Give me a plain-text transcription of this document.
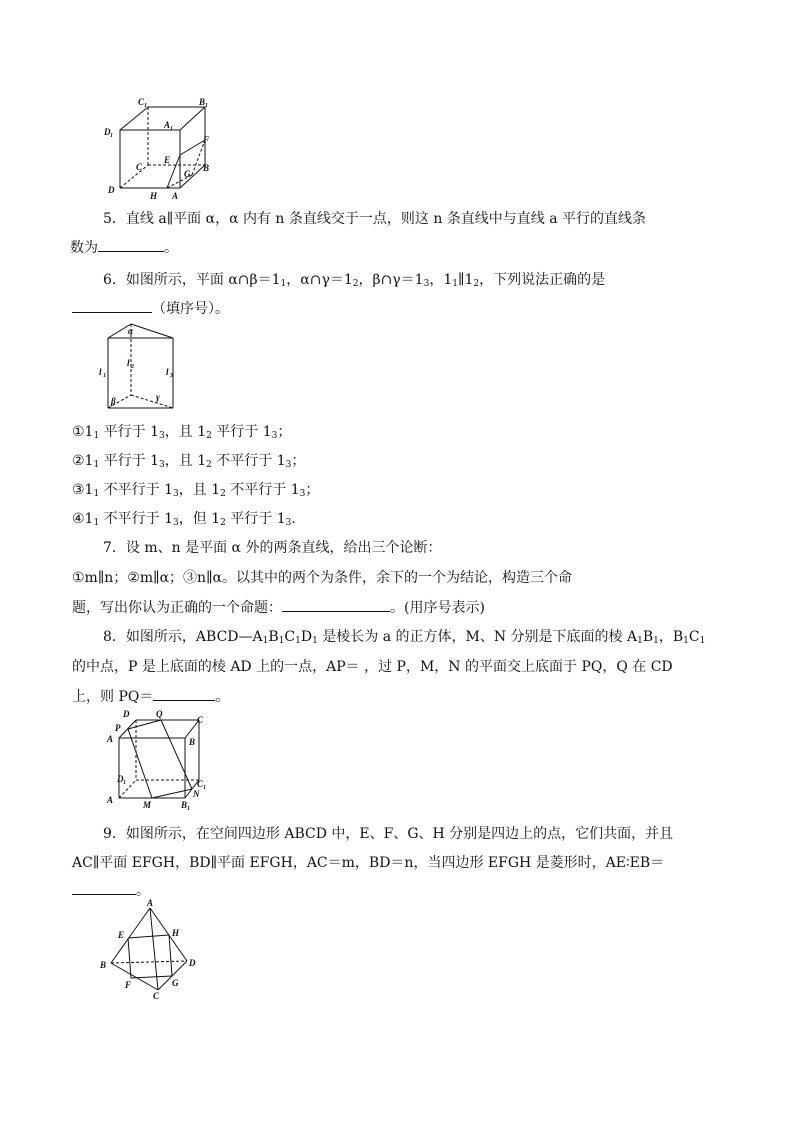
C 1	B 1
A 1
D 1
C
E
F
G
B
D
H A
5．直线 a∥平面 α，α 内有 n 条直线交于一点，则这 n 条直线中与直线 a 平行的直线条
数为	。
6．如图所示，平面 $\alpha\cap\beta=1_1$，$\alpha\cap\gamma=1_2$，$\beta\cap\gamma=1_3$，$1_1\parallel 1_2$，下列说法正确的是
（填序号）。
α
l 2
l 1	l 3
β	γ
$①1_1$ 平行于 $1_3$，且 $1_2$ 平行于 $1_3$；
$②1_1$ 平行于 $1_3$，且 $1_2$ 不平行于 $1_3$；
$③1_1$ 不平行于 $1_3$，且 $1_2$ 不平行于 $1_3$；
$④1_1$ 不平行于 $1_3$，但 $1_2$ 平行于 $1_3$.
7．设 m、n 是平面 α 外的两条直线，给出三个论断：
①m∥n；②m∥α；③n∥α。以其中的两个为条件，余下的一个为结论，构造三个命
题，写出你认为正确的一个命题：	。(用序号表示)
8．如图所示，$ABCD—A_1B_1C_1D_1$ 是棱长为 a 的正方体，M、N 分别是下底面的棱 $A_1B_1$，$B_1C_1$
的中点，P 是上底面的棱 AD 上的一点，AP＝ ，过 P，M，N 的平面交上底面于 PQ，Q 在 CD
上，则 PQ＝	。
D	Q
C
P
A	B
D 1	C 1
N
A	M	B 1
9．如图所示，在空间四边形 ABCD 中，E、F、G、H 分别是四边上的点，它们共面，并且
AC∥平面 EFGH，BD∥平面 EFGH，AC＝m，BD＝n，当四边形 EFGH 是菱形时，AE∶EB＝
。
A
E	H
B	D
F
C
G
